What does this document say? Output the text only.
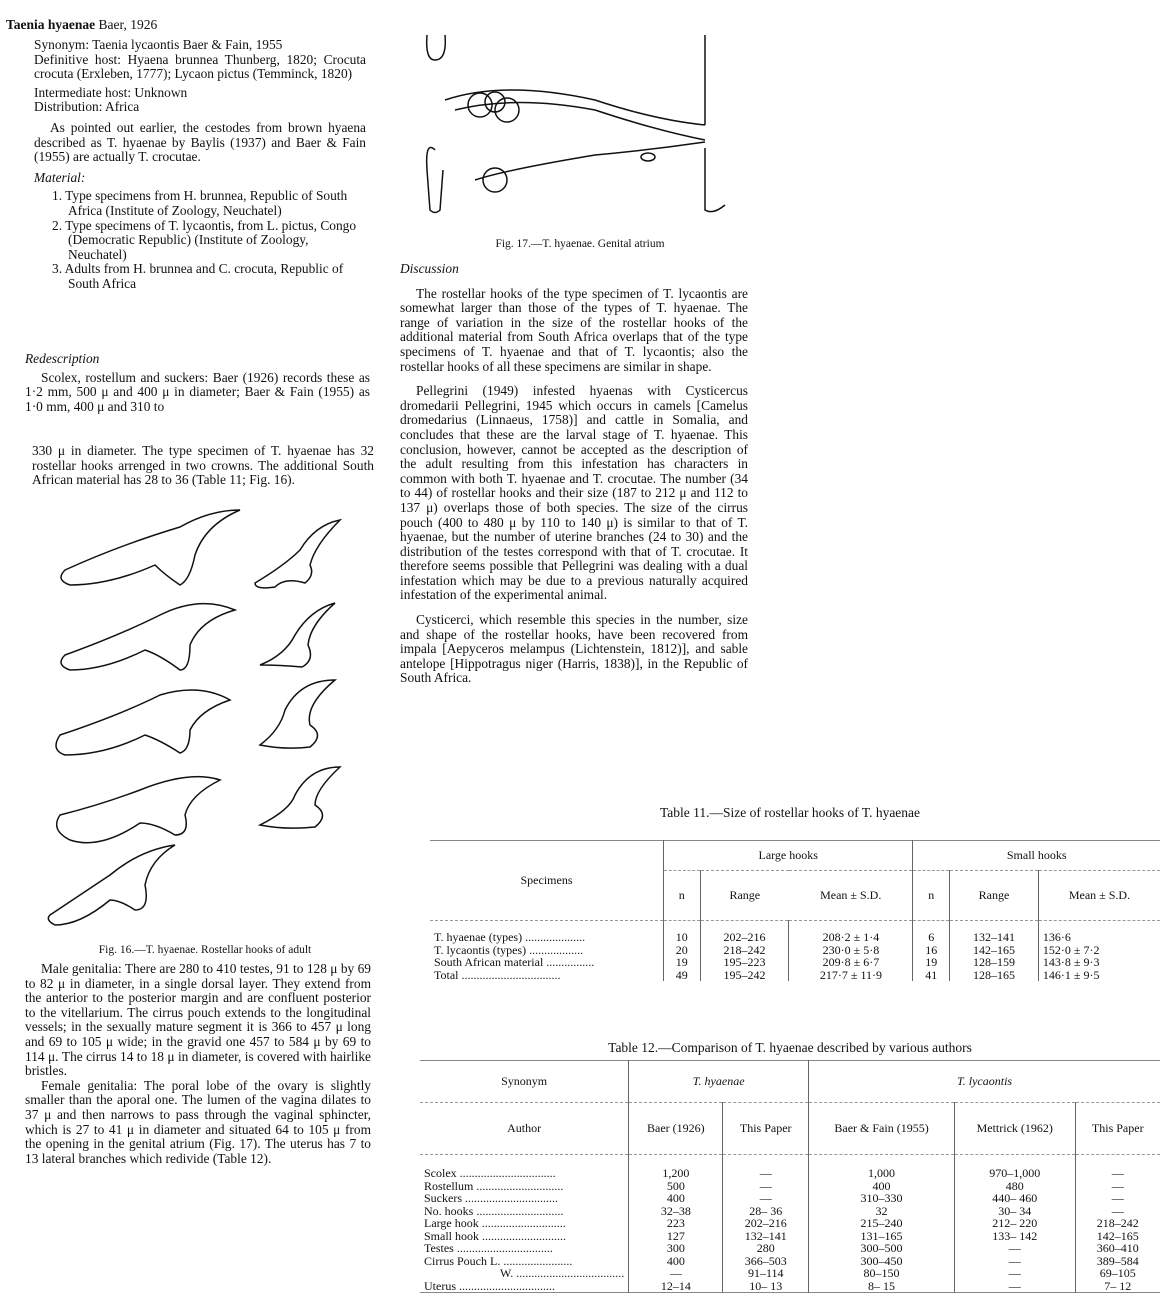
Taenia hyaenae Baer, 1926

Synonym: Taenia lycaontis Baer & Fain, 1955

Definitive host: Hyaena brunnea Thunberg, 1820; Crocuta crocuta (Erxleben, 1777); Lycaon pictus (Temminck, 1820)

Intermediate host: Unknown

Distribution: Africa

As pointed out earlier, the cestodes from brown hyaena described as T. hyaenae by Baylis (1937) and Baer & Fain (1955) are actually T. crocutae.

Material:
1. Type specimens from H. brunnea, Republic of South Africa (Institute of Zoology, Neuchatel)
2. Type specimens of T. lycaontis, from L. pictus, Congo (Democratic Republic) (Institute of Zoology, Neuchatel)
3. Adults from H. brunnea and C. crocuta, Republic of South Africa
Redescription

Scolex, rostellum and suckers: Baer (1926) records these as 1·2 mm, 500 μ and 400 μ in diameter; Baer & Fain (1955) as 1·0 mm, 400 μ and 310 to

330 μ in diameter. The type specimen of T. hyaenae has 32 rostellar hooks arrenged in two crowns. The additional South African material has 28 to 36 (Table 11; Fig. 16).

Fig. 16.—T. hyaenae. Rostellar hooks of adult

Male genitalia: There are 280 to 410 testes, 91 to 128 μ by 69 to 82 μ in diameter, in a single dorsal layer. They extend from the anterior to the posterior margin and are confluent posterior to the vitellarium. The cirrus pouch extends to the longitudinal vessels; in the sexually mature segment it is 366 to 457 μ long and 69 to 105 μ wide; in the gravid one 457 to 584 μ by 69 to 114 μ. The cirrus 14 to 18 μ in diameter, is covered with hairlike bristles.

Female genitalia: The poral lobe of the ovary is slightly smaller than the aporal one. The lumen of the vagina dilates to 37 μ and then narrows to pass through the vaginal sphincter, which is 27 to 41 μ in diameter and situated 64 to 105 μ from the opening in the genital atrium (Fig. 17). The uterus has 7 to 13 lateral branches which redivide (Table 12).

Fig. 17.—T. hyaenae. Genital atrium
Discussion

The rostellar hooks of the type specimen of T. lycaontis are somewhat larger than those of the types of T. hyaenae. The range of variation in the size of the rostellar hooks of the additional material from South Africa overlaps that of the type specimens of T. hyaenae and that of T. lycaontis; also the rostellar hooks of all these specimens are similar in shape.

Pellegrini (1949) infested hyaenas with Cysticercus dromedarii Pellegrini, 1945 which occurs in camels [Camelus dromedarius (Linnaeus, 1758)] and cattle in Somalia, and concludes that these are the larval stage of T. hyaenae. This conclusion, however, cannot be accepted as the description of the adult resulting from this infestation has characters in common with both T. hyaenae and T. crocutae. The number (34 to 44) of rostellar hooks and their size (187 to 212 μ and 112 to 137 μ) overlaps those of both species. The size of the cirrus pouch (400 to 480 μ by 110 to 140 μ) is similar to that of T. hyaenae, but the number of uterine branches (24 to 30) and the distribution of the testes correspond with that of T. crocutae. It therefore seems possible that Pellegrini was dealing with a dual infestation which may be due to a previous naturally acquired infestation of the experimental animal.

Cysticerci, which resemble this species in the number, size and shape of the rostellar hooks, have been recovered from impala [Aepyceros melampus (Lichtenstein, 1812)], and sable antelope [Hippotragus niger (Harris, 1838)], in the Republic of South Africa.

Table 11.—Size of rostellar hooks of T. hyaenae
Specimens	Large hooks			Small hooks		
	n	Range	Mean ± S.D.	n	Range	Mean ± S.D.
T. hyaenae (types) ....................	10	202–216	208·2 ± 1·4	6	132–141	136·6
T. lycaontis (types) ..................	20	218–242	230·0 ± 5·8	16	142–165	152·0 ± 7·2
South African material ................	19	195–223	209·8 ± 6·7	19	128–159	143·8 ± 9·3
Total .................................	49	195–242	217·7 ± 11·9	41	128–165	146·1 ± 9·5
Table 12.—Comparison of T. hyaenae described by various authors
Synonym	T. hyaenae		T. lycaontis		
Author	Baer (1926)	This Paper	Baer & Fain (1955)	Mettrick (1962)	This Paper
Scolex ................................	1,200	—	1,000	970–1,000	—
Rostellum .............................	500	—	400	480	—
Suckers ...............................	400	—	310–330	440– 460	—
No. hooks .............................	32–38	28– 36	32	30– 34	—
Large hook ............................	223	202–216	215–240	212– 220	218–242
Small hook ............................	127	132–141	131–165	133– 142	142–165
Testes ................................	300	280	300–500	—	360–410
Cirrus Pouch L. .......................	400	366–503	300–450	—	389–584
W. ....................................	—	91–114	80–150	—	69–105
Uterus ................................	12–14	10– 13	8– 15	—	7– 12
